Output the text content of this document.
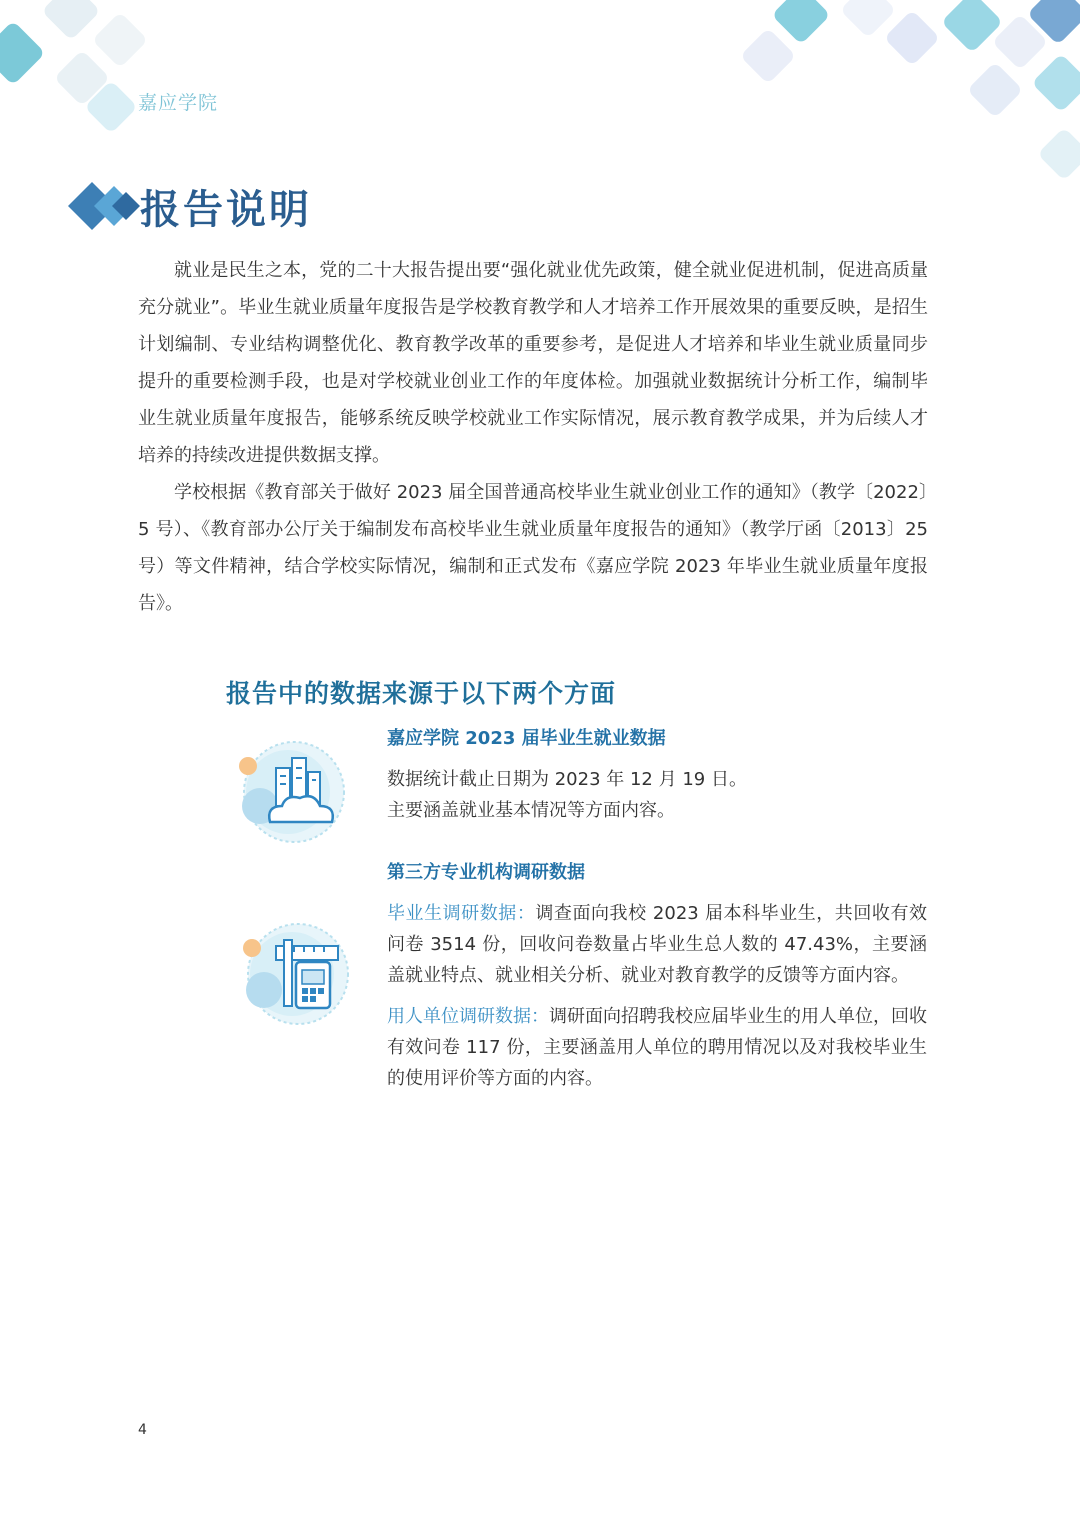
嘉应学院
报告说明

就业是民生之本，党的二十大报告提出要“强化就业优先政策，健全就业促进机制，促进高质量充分就业”。毕业生就业质量年度报告是学校教育教学和人才培养工作开展效果的重要反映，是招生计划编制、专业结构调整优化、教育教学改革的重要参考，是促进人才培养和毕业生就业质量同步提升的重要检测手段，也是对学校就业创业工作的年度体检。加强就业数据统计分析工作，编制毕业生就业质量年度报告，能够系统反映学校就业工作实际情况，展示教育教学成果，并为后续人才培养的持续改进提供数据支撑。

学校根据《教育部关于做好 2023 届全国普通高校毕业生就业创业工作的通知》（教学〔2022〕5 号）、《教育部办公厅关于编制发布高校毕业生就业质量年度报告的通知》（教学厅函〔2013〕25 号）等文件精神，结合学校实际情况，编制和正式发布《嘉应学院 2023 年毕业生就业质量年度报告》。

报告中的数据来源于以下两个方面

嘉应学院 2023 届毕业生就业数据

数据统计截止日期为 2023 年 12 月 19 日。

主要涵盖就业基本情况等方面内容。

第三方专业机构调研数据

毕业生调研数据：调查面向我校 2023 届本科毕业生，共回收有效问卷 3514 份，回收问卷数量占毕业生总人数的 47.43%，主要涵盖就业特点、就业相关分析、就业对教育教学的反馈等方面内容。

用人单位调研数据：调研面向招聘我校应届毕业生的用人单位，回收有效问卷 117 份，主要涵盖用人单位的聘用情况以及对我校毕业生的使用评价等方面的内容。

4
